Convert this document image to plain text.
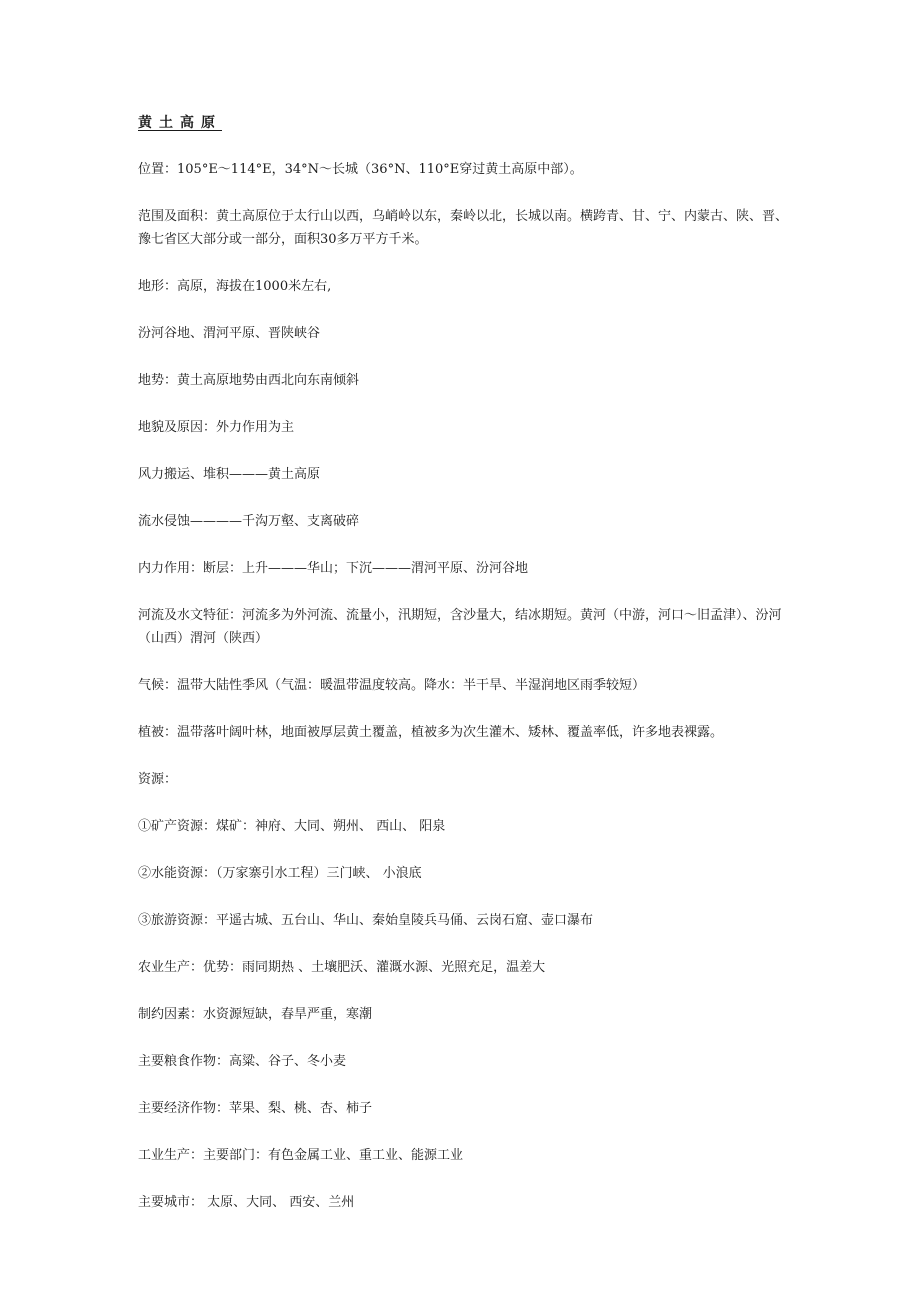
黄土高原

位置：105°E～114°E，34°N～长城（36°N、110°E穿过黄土高原中部）。

范围及面积：黄土高原位于太行山以西，乌峭岭以东，秦岭以北，长城以南。横跨青、甘、宁、内蒙古、陕、晋、豫七省区大部分或一部分，面积30多万平方千米。

地形：高原，海拔在1000米左右,

汾河谷地、渭河平原、晋陕峡谷

地势：黄土高原地势由西北向东南倾斜

地貌及原因：外力作用为主

风力搬运、堆积———黄土高原

流水侵蚀————千沟万壑、支离破碎

内力作用：断层：上升———华山；下沉———渭河平原、汾河谷地

河流及水文特征：河流多为外河流、流量小，汛期短，含沙量大，结冰期短。黄河（中游，河口～旧孟津）、汾河（山西）渭河（陕西）

气候：温带大陆性季风（气温：暖温带温度较高。降水：半干旱、半湿润地区雨季较短）

植被：温带落叶阔叶林，地面被厚层黄土覆盖，植被多为次生灌木、矮林、覆盖率低，许多地表裸露。

资源：

①矿产资源：煤矿：神府、大同、朔州、 西山、 阳泉

②水能资源：（万家寨引水工程）三门峡、 小浪底

③旅游资源：平遥古城、五台山、华山、秦始皇陵兵马俑、云岗石窟、壶口瀑布

农业生产：优势：雨同期热 、土壤肥沃、灌溉水源、光照充足，温差大

制约因素：水资源短缺，春旱严重，寒潮

主要粮食作物：高粱、谷子、冬小麦

主要经济作物：苹果、梨、桃、杏、柿子

工业生产：主要部门：有色金属工业、重工业、能源工业

主要城市： 太原、大同、 西安、兰州
